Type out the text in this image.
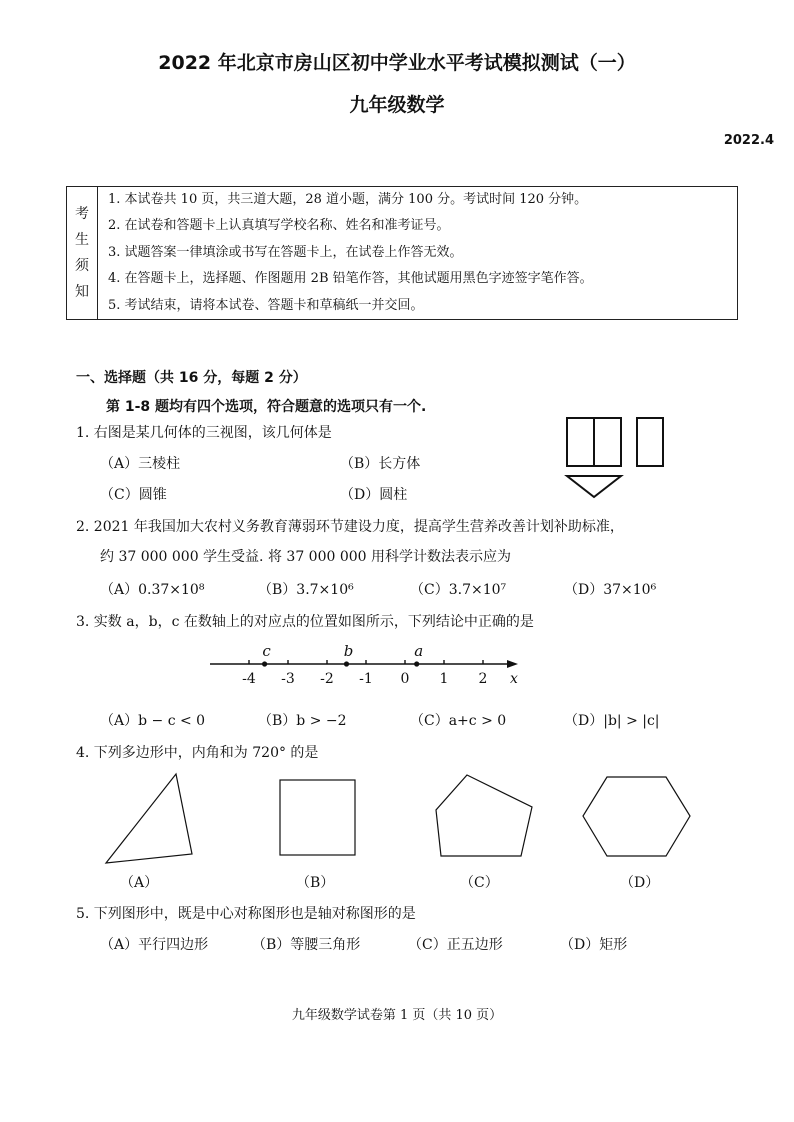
2022 年北京市房山区初中学业水平考试模拟测试（一）
九年级数学
2022.4
考
生
须
知

1. 本试卷共 10 页，共三道大题，28 道小题，满分 100 分。考试时间 120 分钟。
2. 在试卷和答题卡上认真填写学校名称、姓名和准考证号。
3. 试题答案一律填涂或书写在答题卡上，在试卷上作答无效。
4. 在答题卡上，选择题、作图题用 2B 铅笔作答，其他试题用黑色字迹签字笔作答。
5. 考试结束，请将本试卷、答题卡和草稿纸一并交回。
一、选择题（共 16 分，每题 2 分）
第 1-8 题均有四个选项，符合题意的选项只有一个.
1. 右图是某几何体的三视图，该几何体是
（A）三棱柱	（B）长方体
（C）圆锥	（D）圆柱
2. 2021 年我国加大农村义务教育薄弱环节建设力度，提高学生营养改善计划补助标准，
约 37 000 000 学生受益. 将 37 000 000 用科学计数法表示应为
（A）0.37×10⁸	（B）3.7×10⁶	（C）3.7×10⁷	（D）37×10⁶
3. 实数 a，b，c 在数轴上的对应点的位置如图所示，下列结论中正确的是
-4 -3 -2 -1 0 1 2 x
c	b	a
（A）b − c < 0	（B）b > −2	（C）a+c > 0	（D）|b| > |c|
4. 下列多边形中，内角和为 720° 的是
（A）	（B）	（C）	（D）
5. 下列图形中，既是中心对称图形也是轴对称图形的是
（A）平行四边形	（B）等腰三角形	（C）正五边形	（D）矩形
九年级数学试卷第 1 页（共 10 页）
